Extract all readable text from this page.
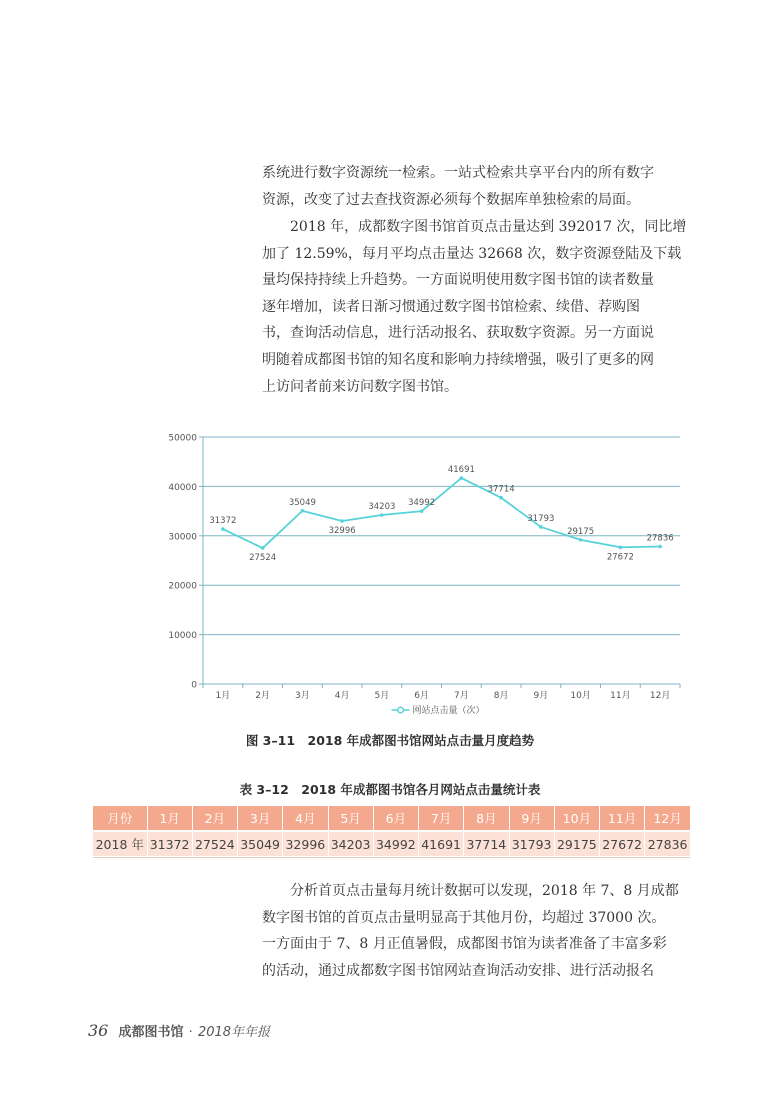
系统进行数字资源统一检索。一站式检索共享平台内的所有数字
资源，改变了过去查找资源必须每个数据库单独检索的局面。
　　2018 年，成都数字图书馆首页点击量达到 392017 次，同比增
加了 12.59%，每月平均点击量达 32668 次，数字资源登陆及下载
量均保持持续上升趋势。一方面说明使用数字图书馆的读者数量
逐年增加，读者日渐习惯通过数字图书馆检索、续借、荐购图
书，查询活动信息，进行活动报名、获取数字资源。另一方面说
明随着成都图书馆的知名度和影响力持续增强，吸引了更多的网
上访问者前来访问数字图书馆。
0
10000
20000
30000
40000
50000
1月	2月	3月	4月	5月	6月	7月	8月	9月 10月 11月 12月
31372
27524
35049
32996
34203 34992
41691
37714
31793
29175
27672
27836
网站点击量（次）
图 3–11　2018 年成都图书馆网站点击量月度趋势
表 3–12　2018 年成都图书馆各月网站点击量统计表
月份	1月	2月	3月	4月	5月	6月	7月	8月	9月	10月	11月	12月
2018 年	31372	27524	35049	32996	34203	34992	41691	37714	31793	29175	27672	27836
　　分析首页点击量每月统计数据可以发现，2018 年 7、8 月成都
数字图书馆的首页点击量明显高于其他月份，均超过 37000 次。
一方面由于 7、8 月正值暑假，成都图书馆为读者准备了丰富多彩
的活动，通过成都数字图书馆网站查询活动安排、进行活动报名
36 成都图书馆 · 2018年年报
